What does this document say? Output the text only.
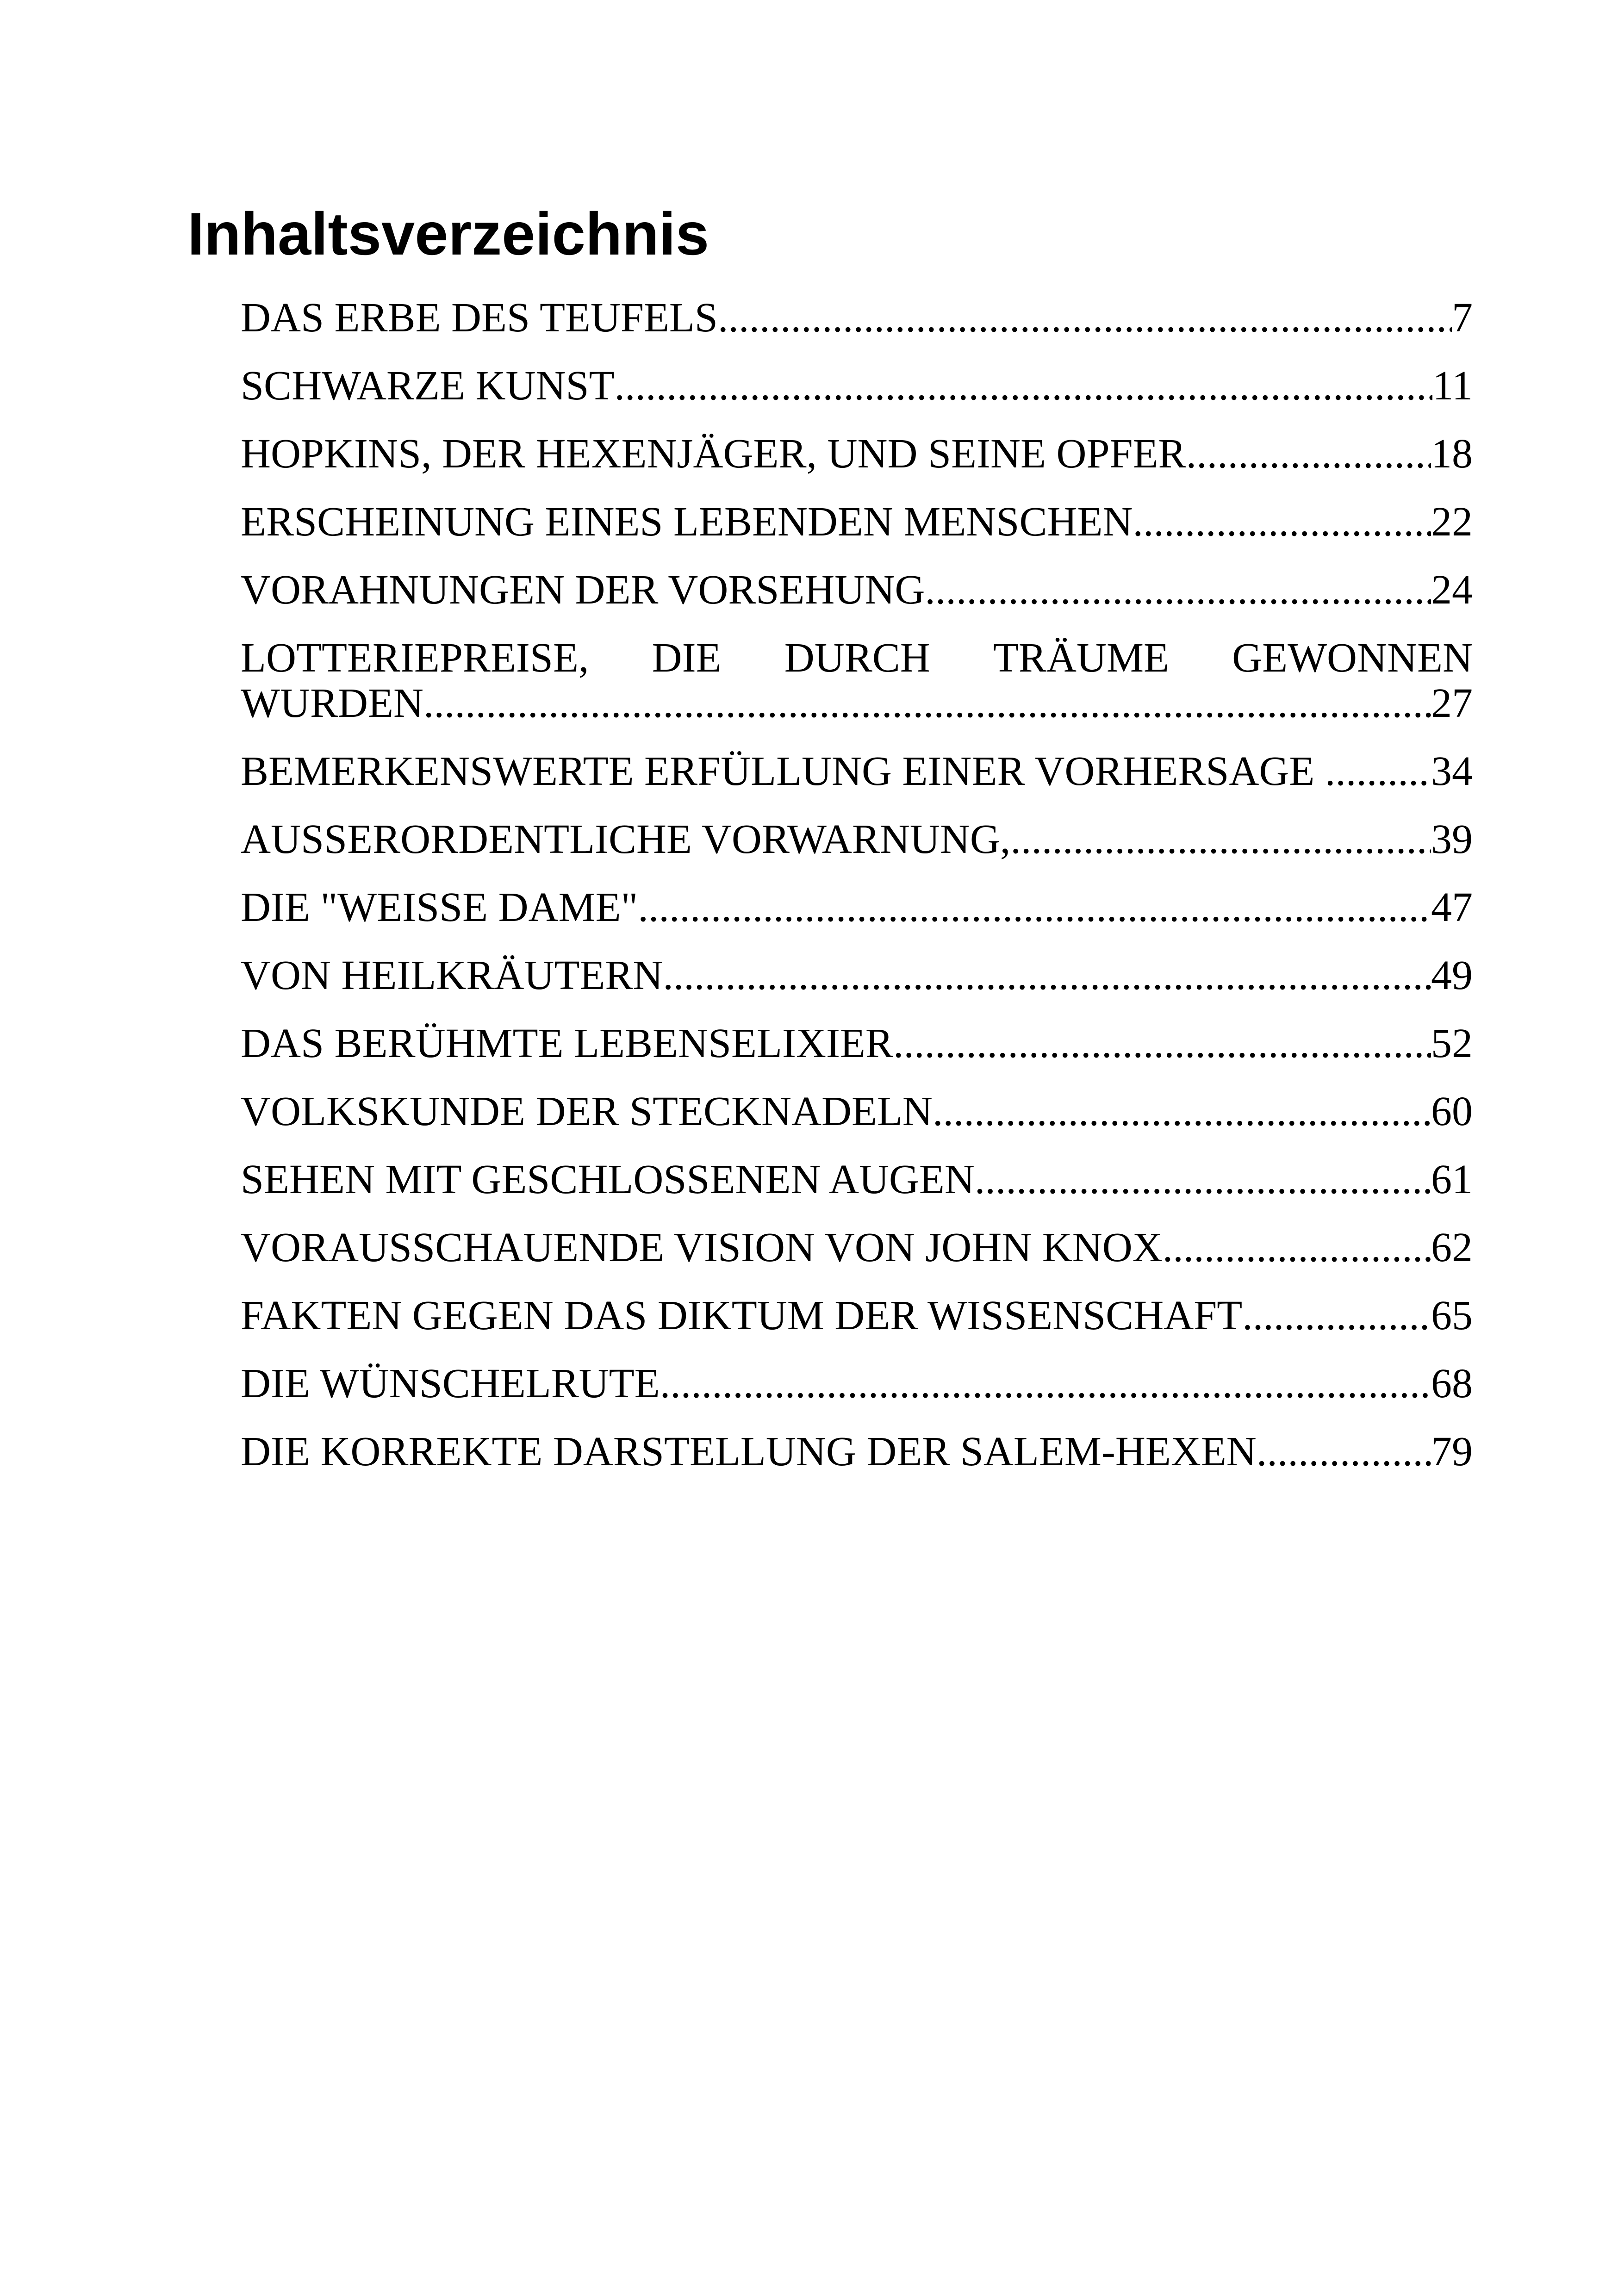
Inhaltsverzeichnis
DAS ERBE DES TEUFELS .....	7
SCHWARZE KUNST .....	11
HOPKINS, DER HEXENJÄGER, UND SEINE OPFER .....	18
ERSCHEINUNG EINES LEBENDEN MENSCHEN .....	22
VORAHNUNGEN DER VORSEHUNG .....	24
LOTTERIEPREISE, DIE DURCH TRÄUME GEWONNEN
WURDEN .....	27
BEMERKENSWERTE ERFÜLLUNG EINER VORHERSAGE .....	34
AUSSERORDENTLICHE VORWARNUNG, .....	39
DIE "WEISSE DAME" .....	47
VON HEILKRÄUTERN .....	49
DAS BERÜHMTE LEBENSELIXIER .....	52
VOLKSKUNDE DER STECKNADELN .....	60
SEHEN MIT GESCHLOSSENEN AUGEN .....	61
VORAUSSCHAUENDE VISION VON JOHN KNOX .....	62
FAKTEN GEGEN DAS DIKTUM DER WISSENSCHAFT .....	65
DIE WÜNSCHELRUTE .....	68
DIE KORREKTE DARSTELLUNG DER SALEM-HEXEN .....	79
